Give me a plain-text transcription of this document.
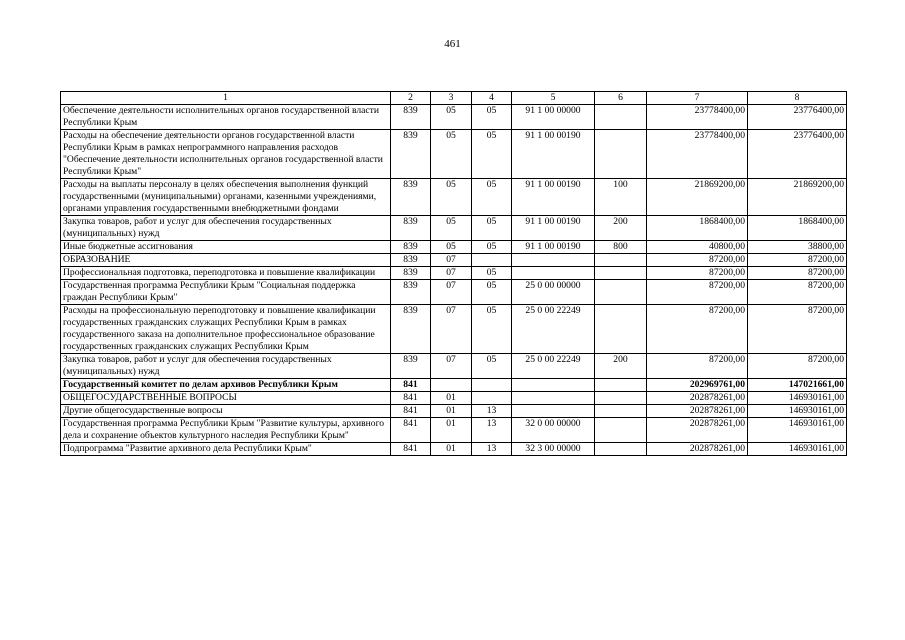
461
1	2	3	4	5	6	7	8
Обеспечение деятельности исполнительных органов государственной власти Республики Крым	839	05	05	91 1 00 00000		23778400,00	23776400,00
Расходы на обеспечение деятельности органов государственной власти Республики Крым в рамках непрограммного направления расходов "Обеспечение деятельности исполнительных органов государственной власти Республики Крым"	839	05	05	91 1 00 00190		23778400,00	23776400,00
Расходы на выплаты персоналу в целях обеспечения выполнения функций государственными (муниципальными) органами, казенными учреждениями, органами управления государственными внебюджетными фондами	839	05	05	91 1 00 00190	100	21869200,00	21869200,00
Закупка товаров, работ и услуг для обеспечения государственных (муниципальных) нужд	839	05	05	91 1 00 00190	200	1868400,00	1868400,00
Иные бюджетные ассигнования	839	05	05	91 1 00 00190	800	40800,00	38800,00
ОБРАЗОВАНИЕ	839	07				87200,00	87200,00
Профессиональная подготовка, переподготовка и повышение квалификации	839	07	05			87200,00	87200,00
Государственная программа Республики Крым "Социальная поддержка граждан Республики Крым"	839	07	05	25 0 00 00000		87200,00	87200,00
Расходы на профессиональную переподготовку и повышение квалификации государственных гражданских служащих Республики Крым в рамках государственного заказа на дополнительное профессиональное образование государственных гражданских служащих Республики Крым	839	07	05	25 0 00 22249		87200,00	87200,00
Закупка товаров, работ и услуг для обеспечения государственных (муниципальных) нужд	839	07	05	25 0 00 22249	200	87200,00	87200,00
Государственный комитет по делам архивов Республики Крым	841					202969761,00	147021661,00
ОБЩЕГОСУДАРСТВЕННЫЕ ВОПРОСЫ	841	01				202878261,00	146930161,00
Другие общегосударственные вопросы	841	01	13			202878261,00	146930161,00
Государственная программа Республики Крым "Развитие культуры, архивного дела и сохранение объектов культурного наследия Республики Крым"	841	01	13	32 0 00 00000		202878261,00	146930161,00
Подпрограмма "Развитие архивного дела Республики Крым"	841	01	13	32 3 00 00000		202878261,00	146930161,00
